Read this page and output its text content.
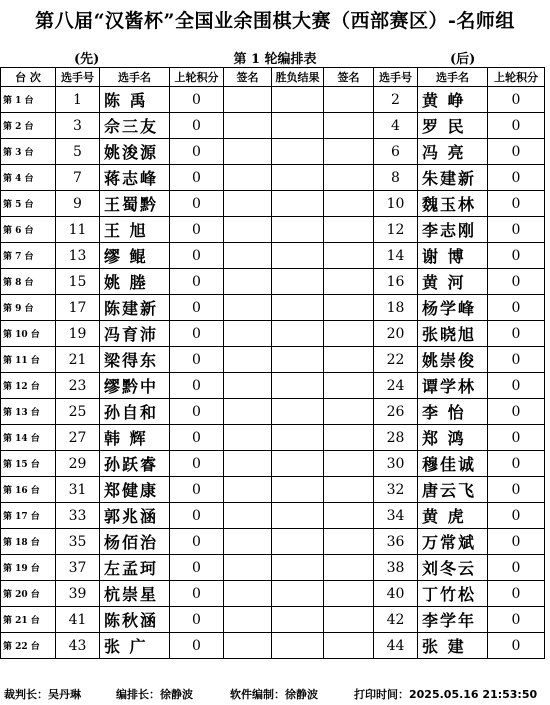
第八届“汉酱杯”全国业余围棋大赛（西部赛区）-名师组
(先)	第 1 轮编排表	(后)
台 次	选手号	选手名	上轮积分	签名	胜负结果	签名	选手号	选手名	上轮积分
第 1 台	1	陈 禹	0				2	黄 峥	0
第 2 台	3	佘三友	0				4	罗 民	0
第 3 台	5	姚浚源	0				6	冯 亮	0
第 4 台	7	蒋志峰	0				8	朱建新	0
第 5 台	9	王蜀黔	0				10	魏玉林	0
第 6 台	11	王 旭	0				12	李志刚	0
第 7 台	13	缪 鲲	0				14	谢 博	0
第 8 台	15	姚 塍	0				16	黄 河	0
第 9 台	17	陈建新	0				18	杨学峰	0
第 10 台	19	冯育沛	0				20	张晓旭	0
第 11 台	21	梁得东	0				22	姚崇俊	0
第 12 台	23	缪黔中	0				24	谭学林	0
第 13 台	25	孙自和	0				26	李 怡	0
第 14 台	27	韩 辉	0				28	郑 鸿	0
第 15 台	29	孙跃睿	0				30	穆佳诚	0
第 16 台	31	郑健康	0				32	唐云飞	0
第 17 台	33	郭兆涵	0				34	黄 虎	0
第 18 台	35	杨佰治	0				36	万常斌	0
第 19 台	37	左孟珂	0				38	刘冬云	0
第 20 台	39	杭崇星	0				40	丁竹松	0
第 21 台	41	陈秋涵	0				42	李学年	0
第 22 台	43	张 广	0				44	张 建	0
裁判长：吴丹琳	编排长：徐静波	软件编制：徐静波	打印时间：2025.05.16 21:53:50
